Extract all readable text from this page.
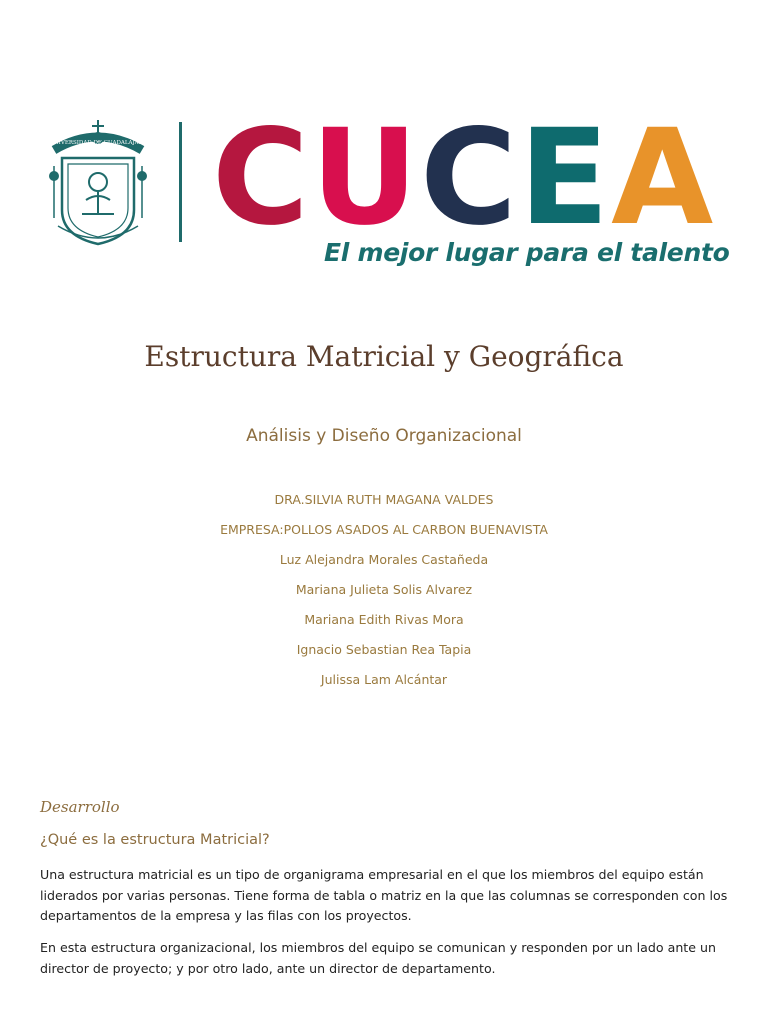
UNIVERSIDAD DE GUADALAJARA C U C E A
El mejor lugar para el talento
Estructura Matricial y Geográfica
Análisis y Diseño Organizacional
DRA.SILVIA RUTH MAGANA VALDES
EMPRESA:POLLOS ASADOS AL CARBON BUENAVISTA
Luz Alejandra Morales Castañeda
Mariana Julieta Solis Alvarez
Mariana Edith Rivas Mora
Ignacio Sebastian Rea Tapia
Julissa Lam Alcántar
Desarrollo
¿Qué es la estructura Matricial?

Una estructura matricial es un tipo de organigrama empresarial en el que los miembros del equipo están liderados por varias personas. Tiene forma de tabla o matriz en la que las columnas se corresponden con los departamentos de la empresa y las filas con los proyectos.

En esta estructura organizacional, los miembros del equipo se comunican y responden por un lado ante un director de proyecto; y por otro lado, ante un director de departamento.
